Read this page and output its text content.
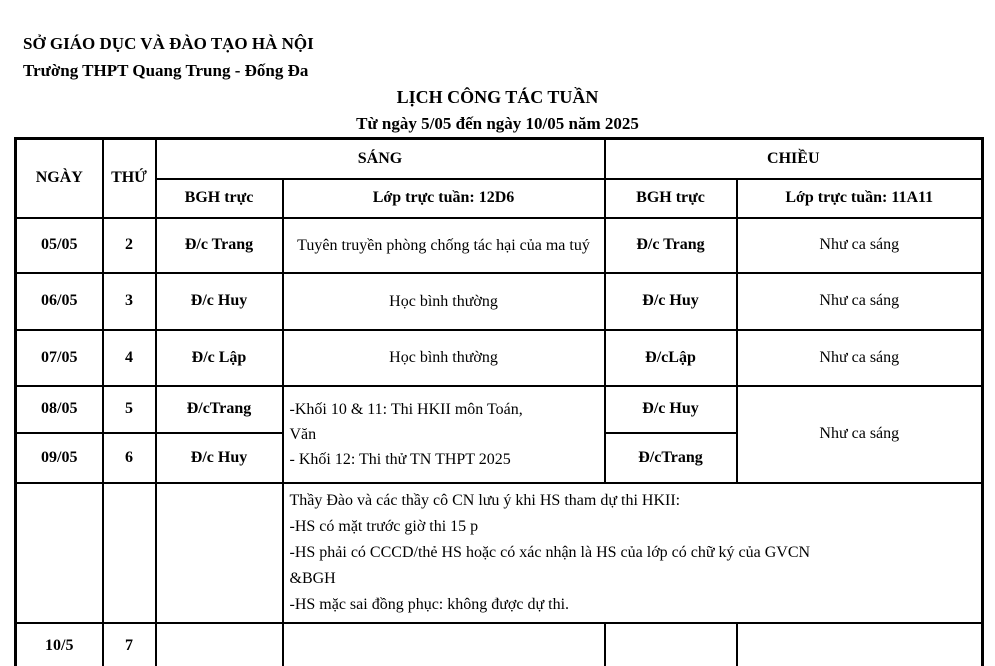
SỞ GIÁO DỤC VÀ ĐÀO TẠO HÀ NỘI
Trường THPT Quang Trung - Đống Đa
LỊCH CÔNG TÁC TUẦN
Từ ngày 5/05 đến ngày 10/05 năm 2025
NGÀY	THỨ	SÁNG		CHIỀU	
		BGH trực	Lớp trực tuần: 12D6	BGH trực	Lớp trực tuần: 11A11
05/05	2	Đ/c Trang	Tuyên truyền phòng chống tác hại của ma tuý	Đ/c Trang	Như ca sáng
06/05	3	Đ/c Huy	Học bình thường	Đ/c Huy	Như ca sáng
07/05	4	Đ/c Lập	Học bình thường	Đ/cLập	Như ca sáng
08/05	5	Đ/cTrang	-Khối 10 & 11: Thi HKII môn Toán,
Văn
- Khối 12: Thi thử TN THPT 2025	Đ/c Huy	Như ca sáng
09/05	6	Đ/c Huy		Đ/cTrang	

			Thầy Đào và các thầy cô CN lưu ý khi HS tham dự thi HKII:
-HS có mặt trước giờ thi 15 p
-HS phải có CCCD/thẻ HS hoặc có xác nhận là HS của lớp có chữ ký của GVCN
&BGH
-HS mặc sai đồng phục: không được dự thi.		

10/5	7				
